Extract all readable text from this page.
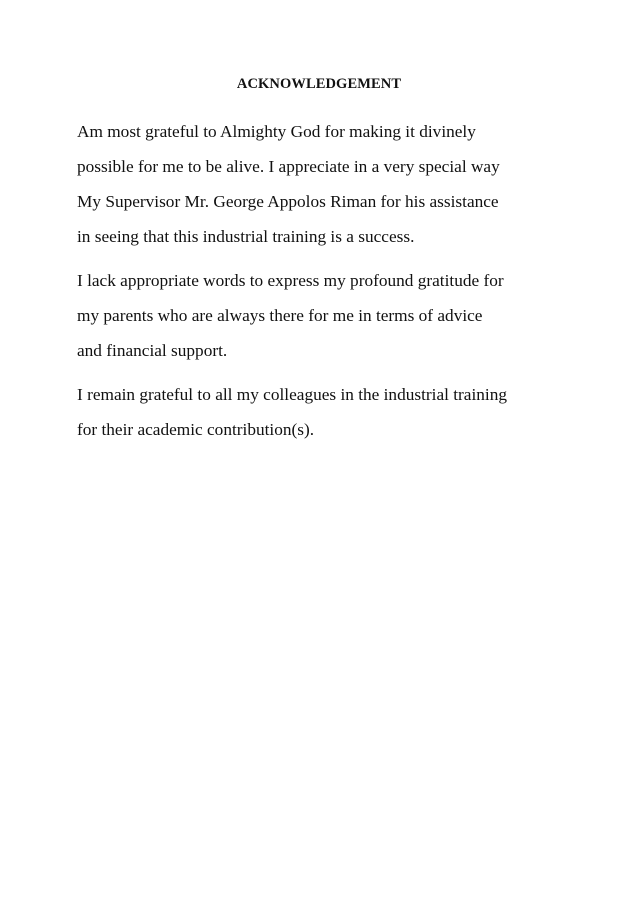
ACKNOWLEDGEMENT

Am most grateful to Almighty God for making it divinely
possible for me to be alive. I appreciate in a very special way
My Supervisor Mr. George Appolos Riman for his assistance
in seeing that this industrial training is a success.

I lack appropriate words to express my profound gratitude for
my parents who are always there for me in terms of advice
and financial support.

I remain grateful to all my colleagues in the industrial training
for their academic contribution(s).
